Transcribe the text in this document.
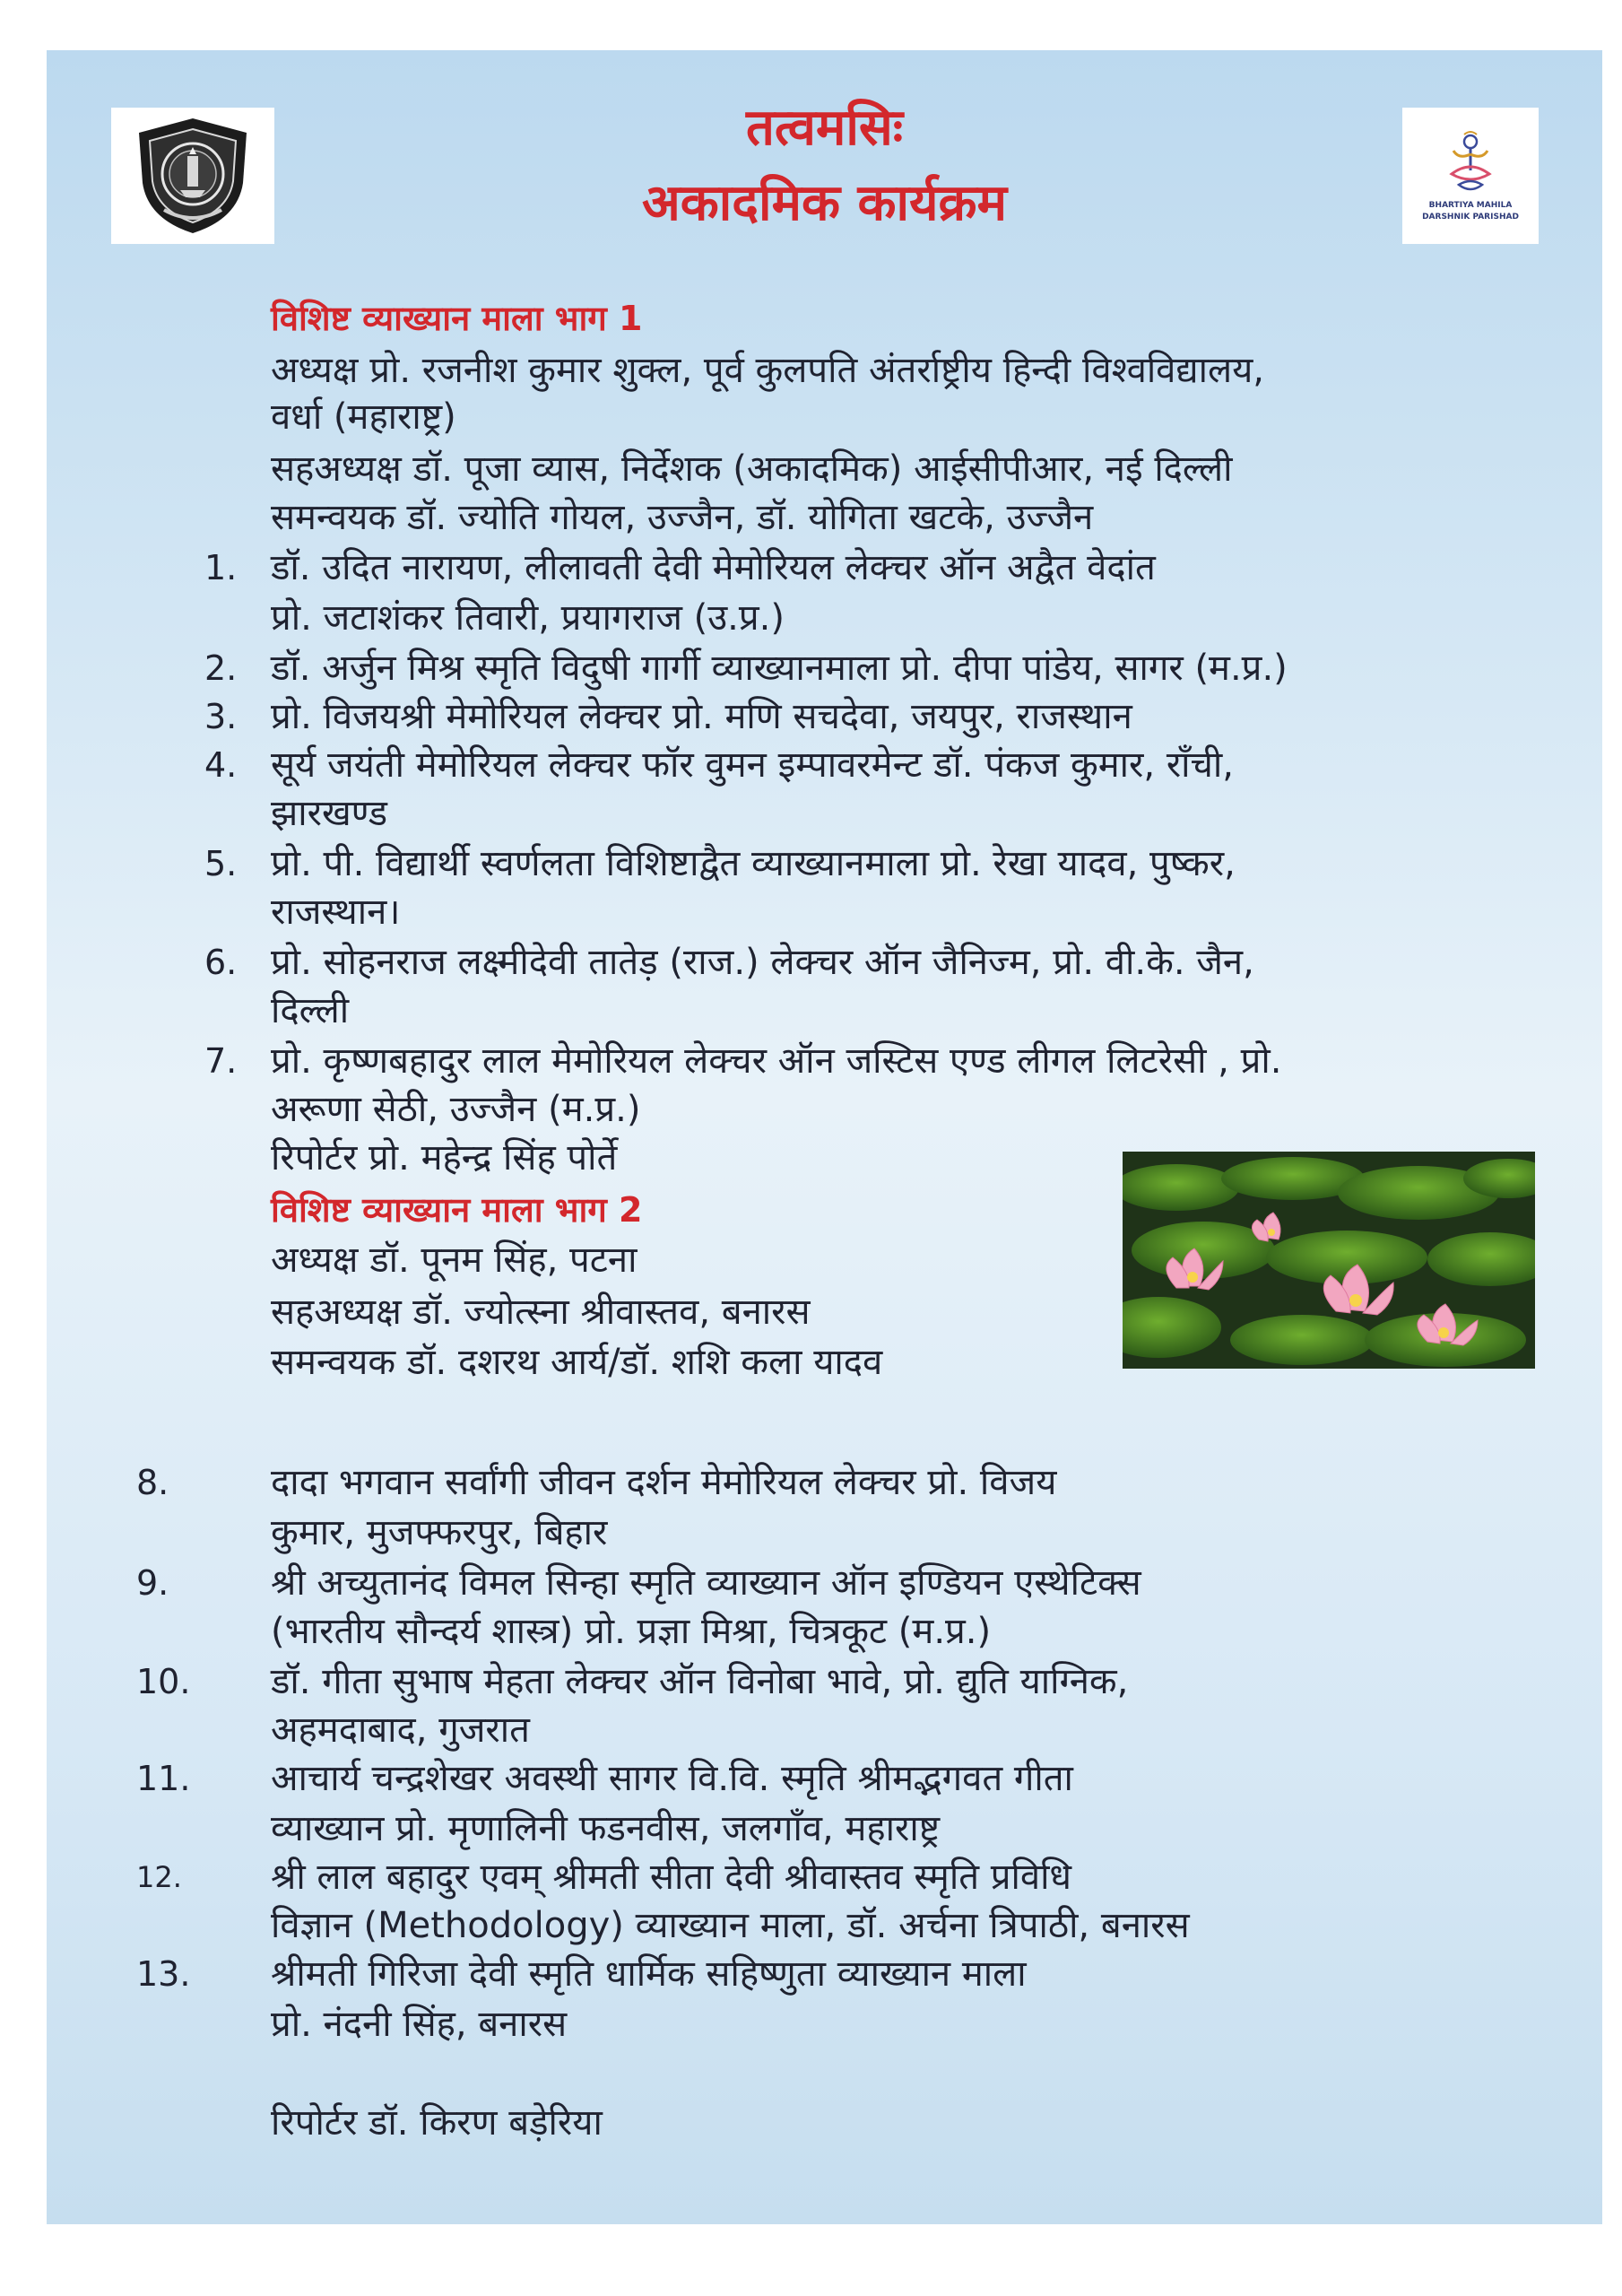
तत्वमसिः
अकादमिक कार्यक्रम	BHARTIYA MAHILA
DARSHNIK PARISHAD
विशिष्ट व्याख्यान माला भाग 1
अध्यक्ष प्रो. रजनीश कुमार शुक्ल, पूर्व कुलपति अंतर्राष्ट्रीय हिन्दी विश्वविद्यालय,
वर्धा (महाराष्ट्र)
सहअध्यक्ष डॉ. पूजा व्यास, निर्देशक (अकादमिक) आईसीपीआर, नई दिल्ली
समन्वयक डॉ. ज्योति गोयल, उज्जैन, डॉ. योगिता खटके, उज्जैन
1. डॉ. उदित नारायण, लीलावती देवी मेमोरियल लेक्चर ऑन अद्वैत वेदांत
प्रो. जटाशंकर तिवारी, प्रयागराज (उ.प्र.)
2. डॉ. अर्जुन मिश्र स्मृति विदुषी गार्गी व्याख्यानमाला प्रो. दीपा पांडेय, सागर (म.प्र.)
3. प्रो. विजयश्री मेमोरियल लेक्चर प्रो. मणि सचदेवा, जयपुर, राजस्थान
4. सूर्य जयंती मेमोरियल लेक्चर फॉर वुमन इम्पावरमेन्ट डॉ. पंकज कुमार, राँची,
झारखण्ड
5. प्रो. पी. विद्यार्थी स्वर्णलता विशिष्टाद्वैत व्याख्यानमाला प्रो. रेखा यादव, पुष्कर,
राजस्थान।
6. प्रो. सोहनराज लक्ष्मीदेवी तातेड़ (राज.) लेक्चर ऑन जैनिज्म, प्रो. वी.के. जैन,
दिल्ली
7. प्रो. कृष्णबहादुर लाल मेमोरियल लेक्चर ऑन जस्टिस एण्ड लीगल लिटरेसी , प्रो.
अरूणा सेठी, उज्जैन (म.प्र.)
रिपोर्टर प्रो. महेन्द्र सिंह पोर्ते
विशिष्ट व्याख्यान माला भाग 2
अध्यक्ष डॉ. पूनम सिंह, पटना
सहअध्यक्ष डॉ. ज्योत्स्ना श्रीवास्तव, बनारस
समन्वयक डॉ. दशरथ आर्य/डॉ. शशि कला यादव
8.	दादा भगवान सर्वांगी जीवन दर्शन मेमोरियल लेक्चर प्रो. विजय
कुमार, मुजफ्फरपुर, बिहार
9.	श्री अच्युतानंद विमल सिन्हा स्मृति व्याख्यान ऑन इण्डियन एस्थेटिक्स
(भारतीय सौन्दर्य शास्त्र) प्रो. प्रज्ञा मिश्रा, चित्रकूट (म.प्र.)
10. डॉ. गीता सुभाष मेहता लेक्चर ऑन विनोबा भावे, प्रो. द्युति याग्निक,
अहमदाबाद, गुजरात
11. आचार्य चन्द्रशेखर अवस्थी सागर वि.वि. स्मृति श्रीमद्भगवत गीता
व्याख्यान प्रो. मृणालिनी फडनवीस, जलगाँव, महाराष्ट्र
12. श्री लाल बहादुर एवम् श्रीमती सीता देवी श्रीवास्तव स्मृति प्रविधि
विज्ञान (Methodology) व्याख्यान माला, डॉ. अर्चना त्रिपाठी, बनारस
13. श्रीमती गिरिजा देवी स्मृति धार्मिक सहिष्णुता व्याख्यान माला
प्रो. नंदनी सिंह, बनारस
रिपोर्टर डॉ. किरण बड़ेरिया
